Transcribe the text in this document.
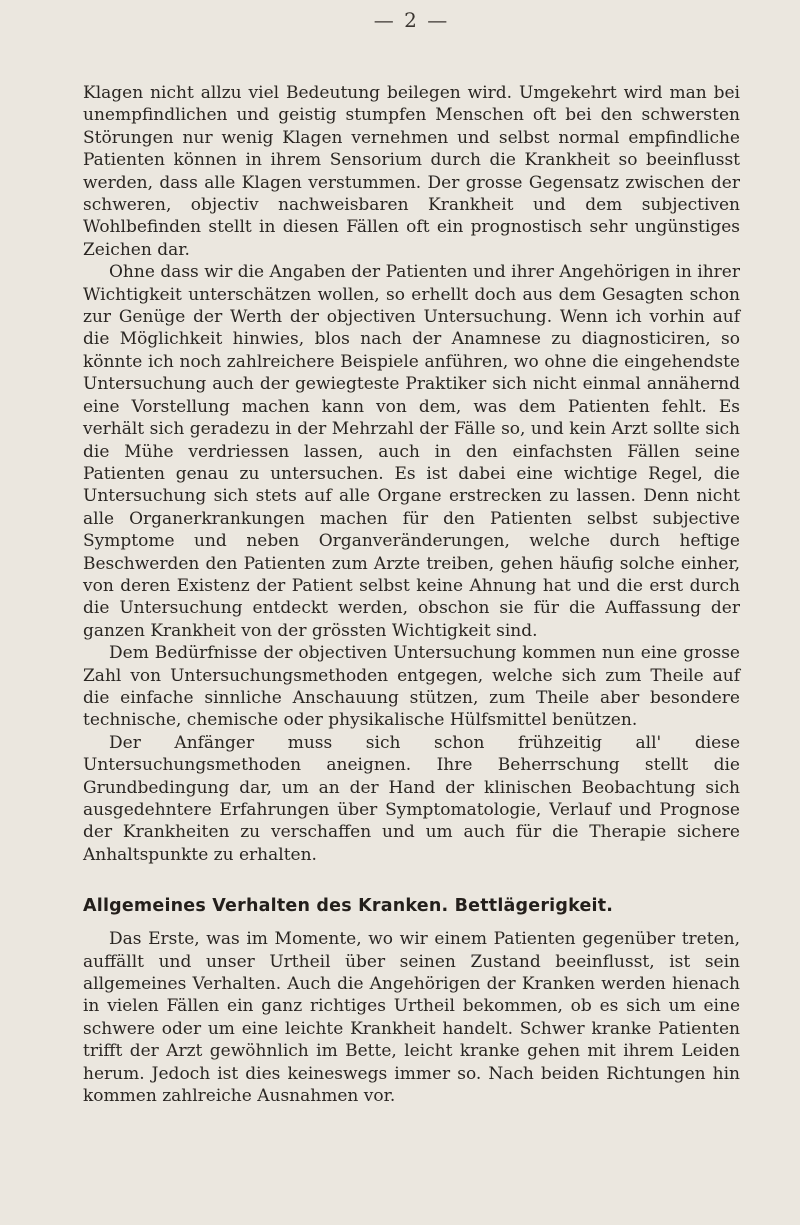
— 2 —

Klagen nicht allzu viel Bedeutung beilegen wird. Umgekehrt wird man bei unempfindlichen und geistig stumpfen Menschen oft bei den schwersten Störungen nur wenig Klagen vernehmen und selbst normal empfindliche Patienten können in ihrem Sensorium durch die Krankheit so beeinflusst werden, dass alle Klagen verstummen. Der grosse Gegensatz zwischen der schweren, objectiv nachweisbaren Krankheit und dem subjectiven Wohlbefinden stellt in diesen Fällen oft ein prognostisch sehr ungünstiges Zeichen dar.

Ohne dass wir die Angaben der Patienten und ihrer Angehörigen in ihrer Wichtigkeit unterschätzen wollen, so erhellt doch aus dem Gesagten schon zur Genüge der Werth der objectiven Untersuchung. Wenn ich vorhin auf die Möglichkeit hinwies, blos nach der Anamnese zu diagnosticiren, so könnte ich noch zahlreichere Beispiele anführen, wo ohne die eingehendste Untersuchung auch der gewiegteste Praktiker sich nicht einmal annähernd eine Vorstellung machen kann von dem, was dem Patienten fehlt. Es verhält sich geradezu in der Mehrzahl der Fälle so, und kein Arzt sollte sich die Mühe verdriessen lassen, auch in den einfachsten Fällen seine Patienten genau zu untersuchen. Es ist dabei eine wichtige Regel, die Untersuchung sich stets auf alle Organe erstrecken zu lassen. Denn nicht alle Organerkrankungen machen für den Patienten selbst subjective Symptome und neben Organveränderungen, welche durch heftige Beschwerden den Patienten zum Arzte treiben, gehen häufig solche einher, von deren Existenz der Patient selbst keine Ahnung hat und die erst durch die Untersuchung entdeckt werden, obschon sie für die Auffassung der ganzen Krankheit von der grössten Wichtigkeit sind.

Dem Bedürfnisse der objectiven Untersuchung kommen nun eine grosse Zahl von Untersuchungsmethoden entgegen, welche sich zum Theile auf die einfache sinnliche Anschauung stützen, zum Theile aber besondere technische, chemische oder physikalische Hülfsmittel benützen.

Der Anfänger muss sich schon frühzeitig all' diese Untersuchungsmethoden aneignen. Ihre Beherrschung stellt die Grundbedingung dar, um an der Hand der klinischen Beobachtung sich ausgedehntere Erfahrungen über Symptomatologie, Verlauf und Prognose der Krankheiten zu verschaffen und um auch für die Therapie sichere Anhaltspunkte zu erhalten.

Allgemeines Verhalten des Kranken. Bettlägerigkeit.

Das Erste, was im Momente, wo wir einem Patienten gegenüber treten, auffällt und unser Urtheil über seinen Zustand beeinflusst, ist sein allgemeines Verhalten. Auch die Angehörigen der Kranken werden hienach in vielen Fällen ein ganz richtiges Urtheil bekommen, ob es sich um eine schwere oder um eine leichte Krankheit handelt. Schwer kranke Patienten trifft der Arzt gewöhnlich im Bette, leicht kranke gehen mit ihrem Leiden herum. Jedoch ist dies keineswegs immer so. Nach beiden Richtungen hin kommen zahlreiche Ausnahmen vor.
